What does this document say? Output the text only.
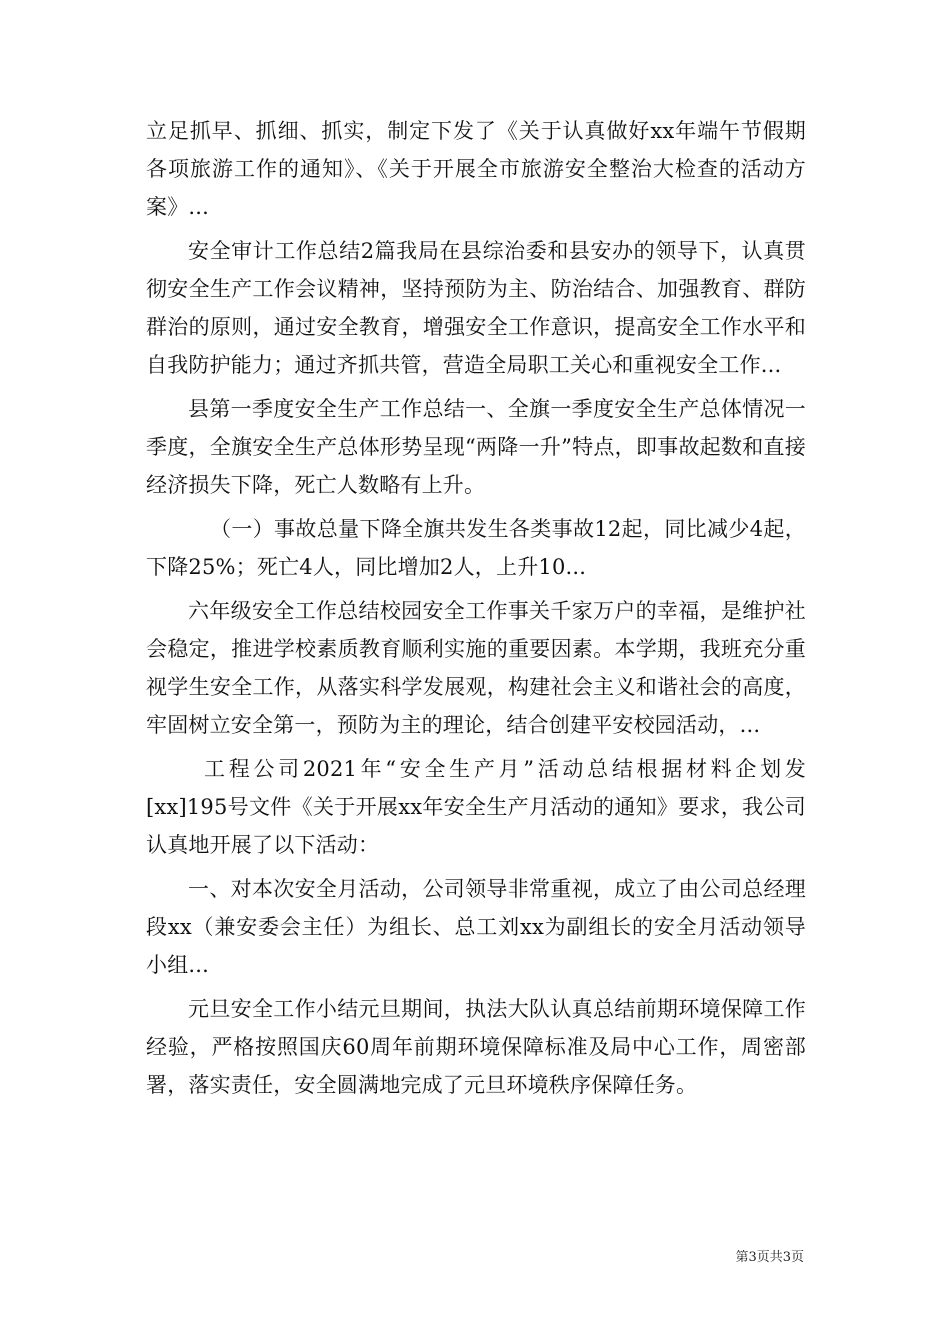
立足抓早、抓细、抓实，制定下发了《关于认真做好xx年端午节假期各项旅游工作的通知》、《关于开展全市旅游安全整治大检查的活动方案》...

安全审计工作总结2篇我局在县综治委和县安办的领导下，认真贯彻安全生产工作会议精神，坚持预防为主、防治结合、加强教育、群防群治的原则，通过安全教育，增强安全工作意识，提高安全工作水平和自我防护能力；通过齐抓共管，营造全局职工关心和重视安全工作...

县第一季度安全生产工作总结一、全旗一季度安全生产总体情况一季度，全旗安全生产总体形势呈现“两降一升”特点，即事故起数和直接经济损失下降，死亡人数略有上升。

（一）事故总量下降全旗共发生各类事故12起，同比减少4起，下降25%；死亡4人，同比增加2人，上升10...

六年级安全工作总结校园安全工作事关千家万户的幸福，是维护社会稳定，推进学校素质教育顺利实施的重要因素。本学期，我班充分重视学生安全工作，从落实科学发展观，构建社会主义和谐社会的高度，牢固树立安全第一，预防为主的理论，结合创建平安校园活动，...

工程公司2021年“安全生产月”活动总结根据材料企划发[xx]195号文件《关于开展xx年安全生产月活动的通知》要求，我公司认真地开展了以下活动：

一、对本次安全月活动，公司领导非常重视，成立了由公司总经理段xx（兼安委会主任）为组长、总工刘xx为副组长的安全月活动领导小组...

元旦安全工作小结元旦期间，执法大队认真总结前期环境保障工作经验，严格按照国庆60周年前期环境保障标准及局中心工作，周密部署，落实责任，安全圆满地完成了元旦环境秩序保障任务。

第3页共3页
